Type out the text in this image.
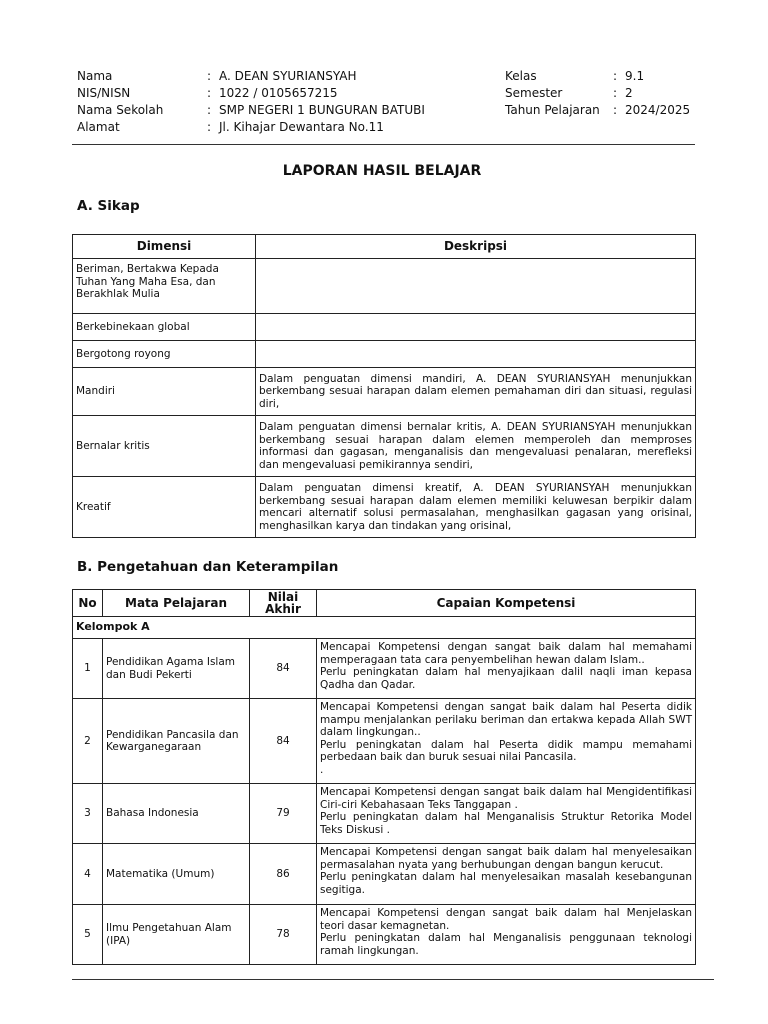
Nama	: A. DEAN SYURIANSYAH
NIS/NISN	: 1022 / 0105657215
Nama Sekolah	: SMP NEGERI 1 BUNGURAN BATUBI
Alamat	: Jl. Kihajar Dewantara No.11
Kelas	: 9.1
Semester	: 2
Tahun Pelajaran : 2024/2025
LAPORAN HASIL BELAJAR
A. Sikap
Dimensi	Deskripsi
Beriman, Bertakwa Kepada Tuhan Yang Maha Esa, dan Berakhlak Mulia	
Berkebinekaan global	
Bergotong royong	
Mandiri	Dalam penguatan dimensi mandiri, A. DEAN SYURIANSYAH menunjukkan berkembang sesuai harapan dalam elemen pemahaman diri dan situasi, regulasi diri,
Bernalar kritis	Dalam penguatan dimensi bernalar kritis, A. DEAN SYURIANSYAH menunjukkan berkembang sesuai harapan dalam elemen memperoleh dan memproses informasi dan gagasan, menganalisis dan mengevaluasi penalaran, merefleksi dan mengevaluasi pemikirannya sendiri,
Kreatif	Dalam penguatan dimensi kreatif, A. DEAN SYURIANSYAH menunjukkan berkembang sesuai harapan dalam elemen memiliki keluwesan berpikir dalam mencari alternatif solusi permasalahan, menghasilkan gagasan yang orisinal, menghasilkan karya dan tindakan yang orisinal,
B. Pengetahuan dan Keterampilan
No	Mata Pelajaran	Nilai Akhir	Capaian Kompetensi
Kelompok A			
1	Pendidikan Agama Islam dan Budi Pekerti	84	Mencapai Kompetensi dengan sangat baik dalam hal memahami memperagaan tata cara penyembelihan hewan dalam Islam..
Perlu peningkatan dalam hal menyajikaan dalil naqli iman kepasa Qadha dan Qadar.

2	Pendidikan Pancasila dan Kewarganegaraan	84	Mencapai Kompetensi dengan sangat baik dalam hal Peserta didik mampu menjalankan perilaku beriman dan ertakwa kepada Allah SWT dalam lingkungan..
Perlu peningkatan dalam hal Peserta didik mampu memahami perbedaan baik dan buruk sesuai nilai Pancasila.
.

3	Bahasa Indonesia	79	Mencapai Kompetensi dengan sangat baik dalam hal Mengidentifikasi Ciri-ciri Kebahasaan Teks Tanggapan .
Perlu peningkatan dalam hal Menganalisis Struktur Retorika Model Teks Diskusi .

4	Matematika (Umum)	86	Mencapai Kompetensi dengan sangat baik dalam hal menyelesaikan permasalahan nyata yang berhubungan dengan bangun kerucut.
Perlu peningkatan dalam hal menyelesaikan masalah kesebangunan segitiga.

5	Ilmu Pengetahuan Alam (IPA)	78	Mencapai Kompetensi dengan sangat baik dalam hal Menjelaskan teori dasar kemagnetan.
Perlu peningkatan dalam hal Menganalisis penggunaan teknologi ramah lingkungan.
